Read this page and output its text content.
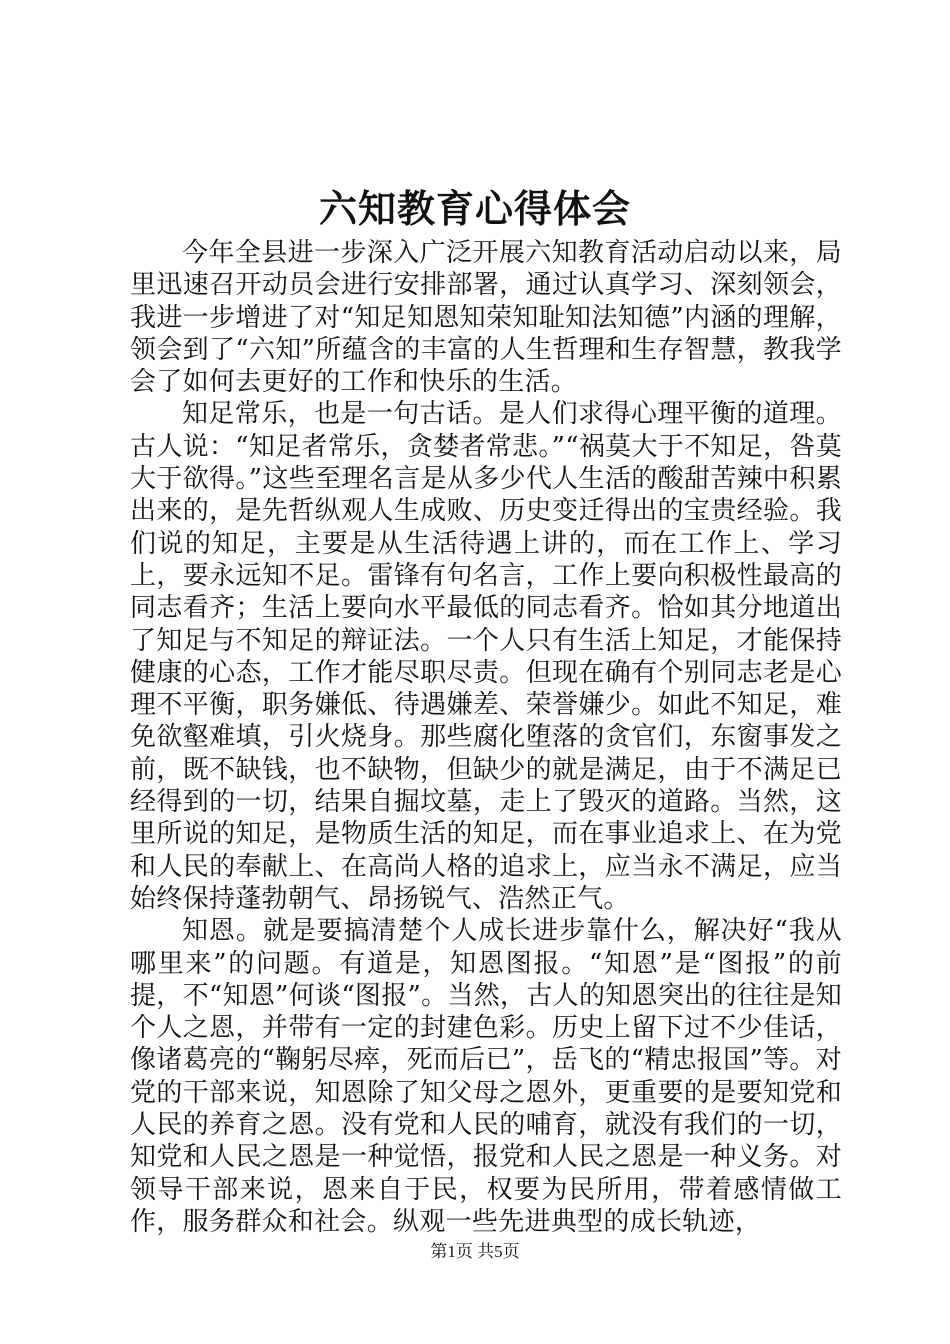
六知教育心得体会

今年全县进一步深入广泛开展六知教育活动启动以来，局里迅速召开动员会进行安排部署，通过认真学习、深刻领会，我进一步增进了对“知足知恩知荣知耻知法知德”内涵的理解，领会到了“六知”所蕴含的丰富的人生哲理和生存智慧，教我学会了如何去更好的工作和快乐的生活。

知足常乐，也是一句古话。是人们求得心理平衡的道理。古人说：“知足者常乐，贪婪者常悲。”“祸莫大于不知足，咎莫大于欲得。”这些至理名言是从多少代人生活的酸甜苦辣中积累出来的，是先哲纵观人生成败、历史变迁得出的宝贵经验。我们说的知足，主要是从生活待遇上讲的，而在工作上、学习上，要永远知不足。雷锋有句名言，工作上要向积极性最高的同志看齐；生活上要向水平最低的同志看齐。恰如其分地道出了知足与不知足的辩证法。一个人只有生活上知足，才能保持健康的心态，工作才能尽职尽责。但现在确有个别同志老是心理不平衡，职务嫌低、待遇嫌差、荣誉嫌少。如此不知足，难免欲壑难填，引火烧身。那些腐化堕落的贪官们，东窗事发之前，既不缺钱，也不缺物，但缺少的就是满足，由于不满足已经得到的一切，结果自掘坟墓，走上了毁灭的道路。当然，这里所说的知足，是物质生活的知足，而在事业追求上、在为党和人民的奉献上、在高尚人格的追求上，应当永不满足，应当始终保持蓬勃朝气、昂扬锐气、浩然正气。

知恩。就是要搞清楚个人成长进步靠什么，解决好“我从哪里来”的问题。有道是，知恩图报。“知恩”是“图报”的前提，不“知恩”何谈“图报”。当然，古人的知恩突出的往往是知个人之恩，并带有一定的封建色彩。历史上留下过不少佳话，像诸葛亮的“鞠躬尽瘁，死而后已”，岳飞的“精忠报国”等。对党的干部来说，知恩除了知父母之恩外，更重要的是要知党和人民的养育之恩。没有党和人民的哺育，就没有我们的一切，知党和人民之恩是一种觉悟，报党和人民之恩是一种义务。对领导干部来说，恩来自于民，权要为民所用，带着感情做工作，服务群众和社会。纵观一些先进典型的成长轨迹，

第1页 共5页
